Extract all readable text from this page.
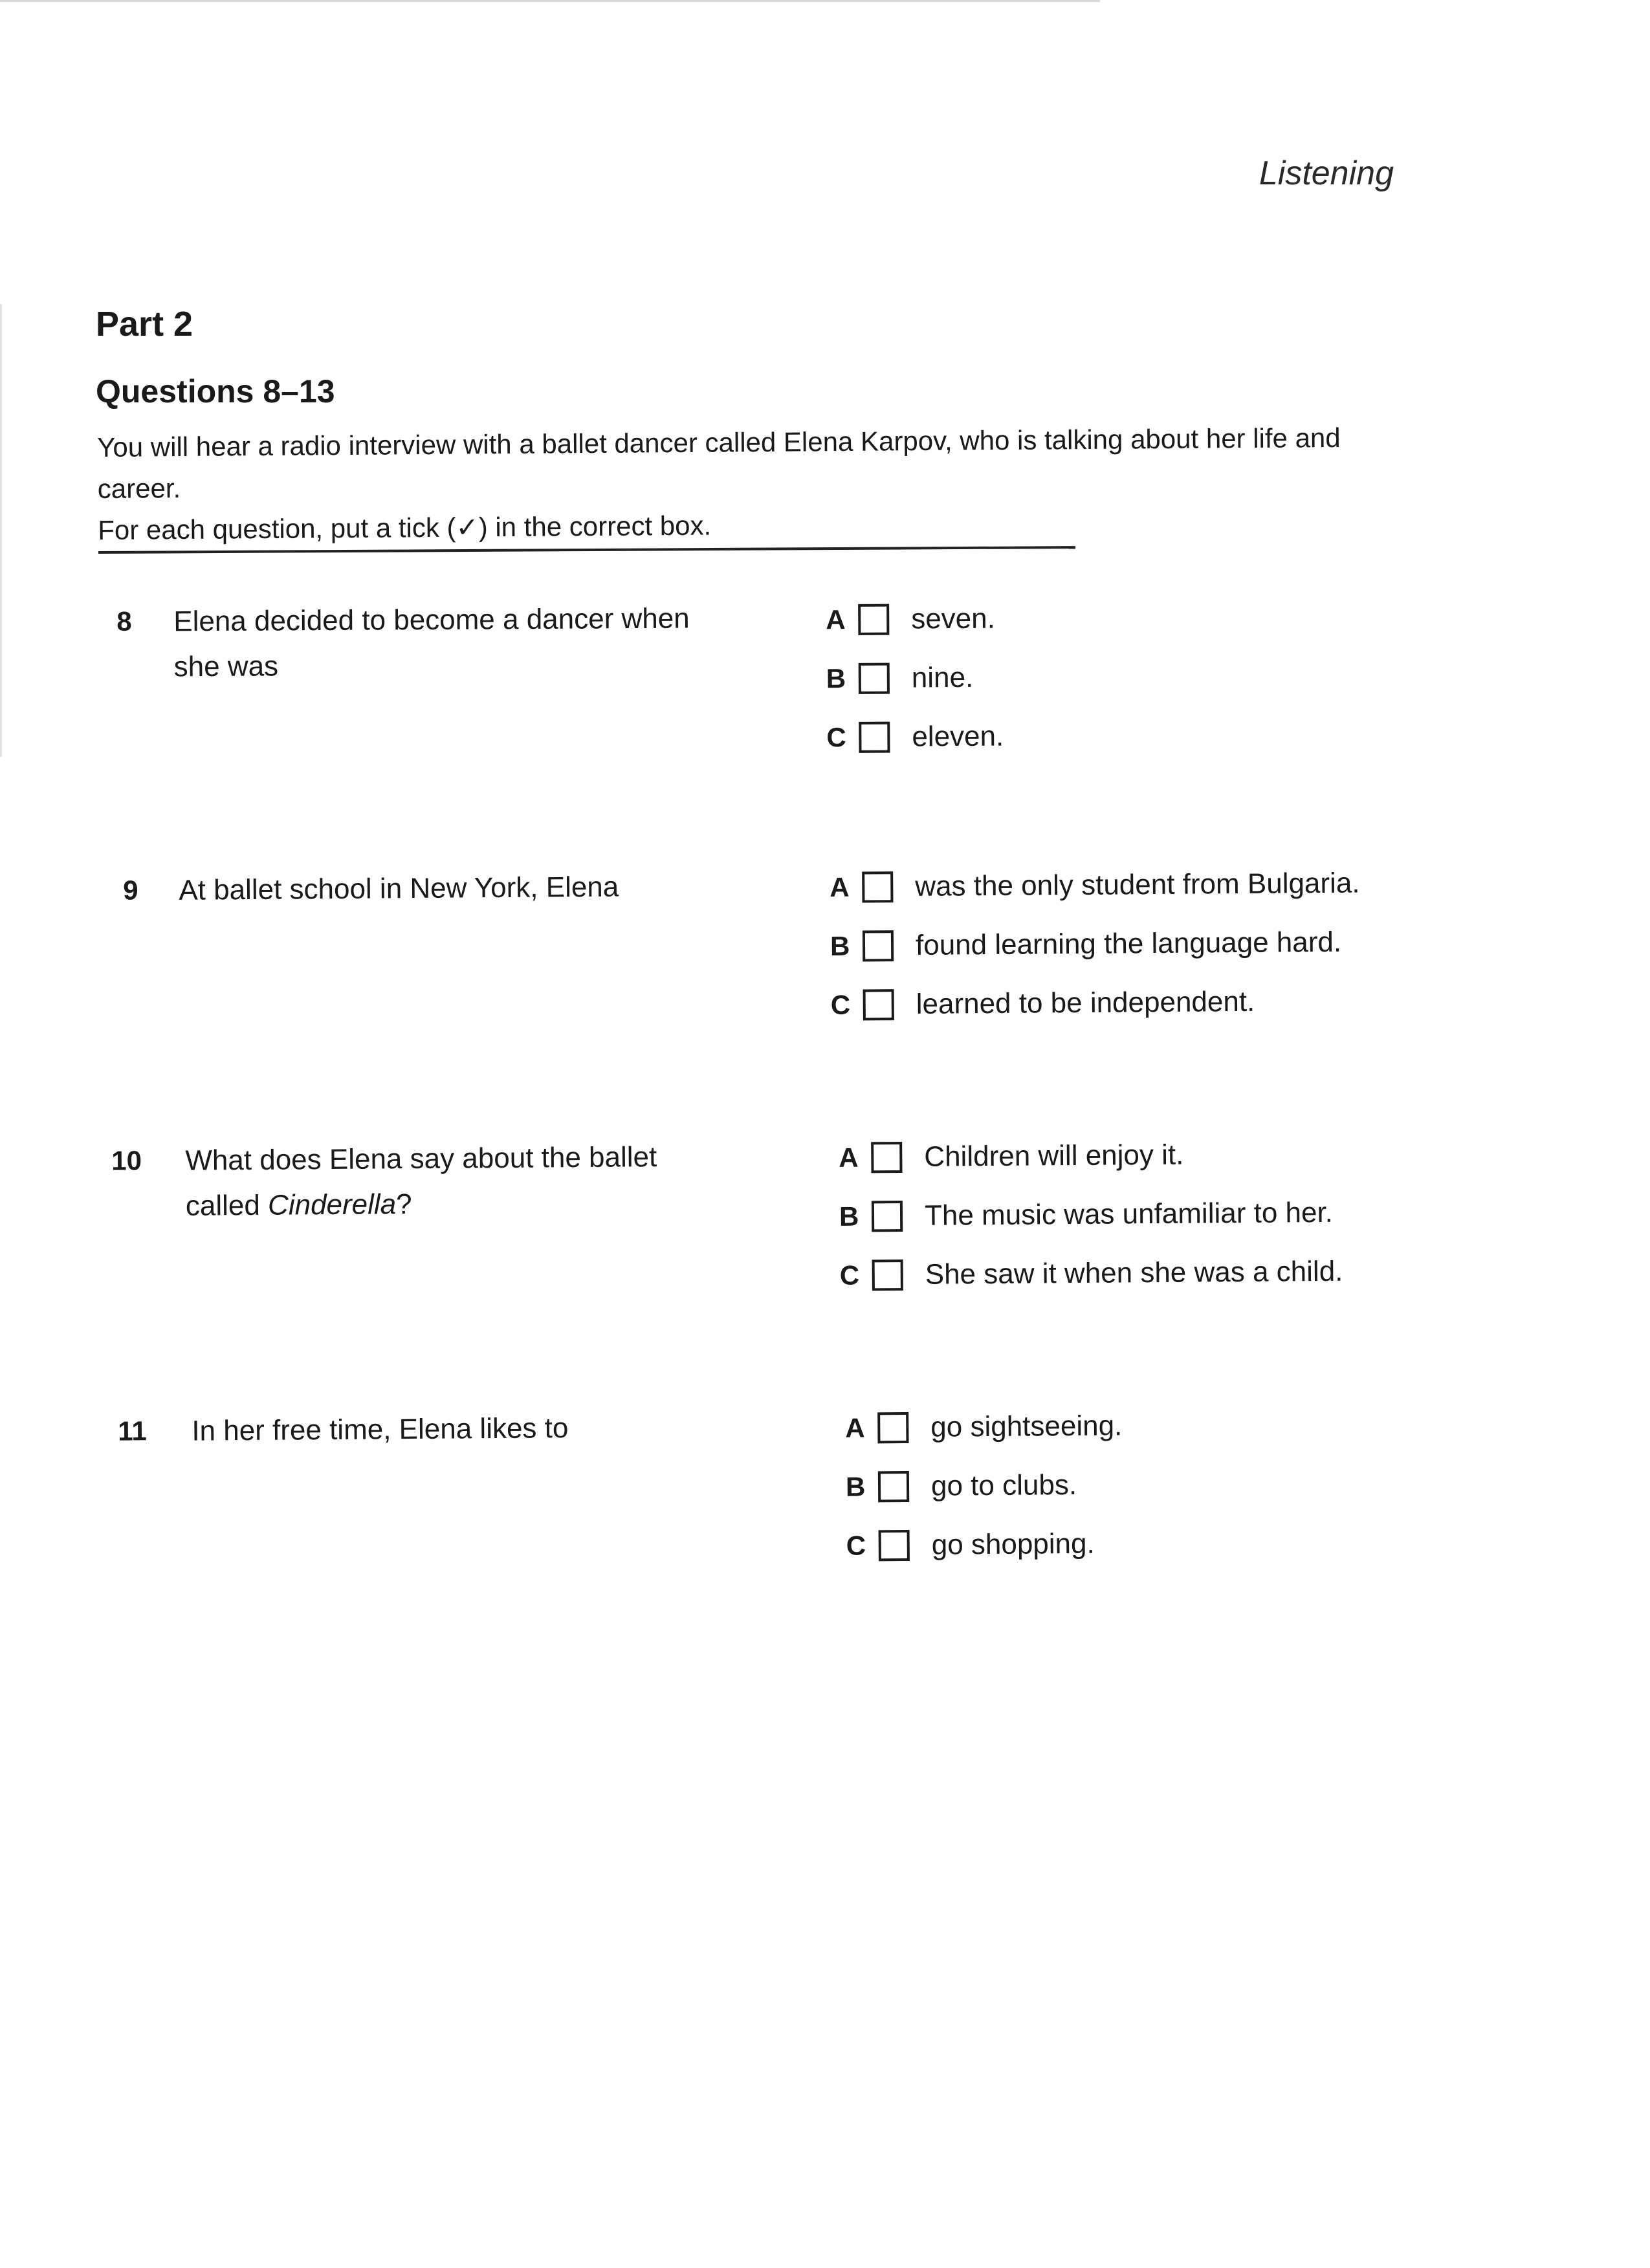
Listening
Part 2
Questions 8–13

You will hear a radio interview with a ballet dancer called Elena Karpov, who is talking about her life and career.

For each question, put a tick (✓) in the correct box.

8 Elena decided to become a dancer when she was
A	seven.
B	nine.
C	eleven.
9 At ballet school in New York, Elena	A	was the only student from Bulgaria.
B	found learning the language hard.
C	learned to be independent.
10 What does Elena say about the ballet called Cinderella?
A	Children will enjoy it.
B	The music was unfamiliar to her.
C	She saw it when she was a child.
11 In her free time, Elena likes to	A	go sightseeing.
B	go to clubs.
C	go shopping.
